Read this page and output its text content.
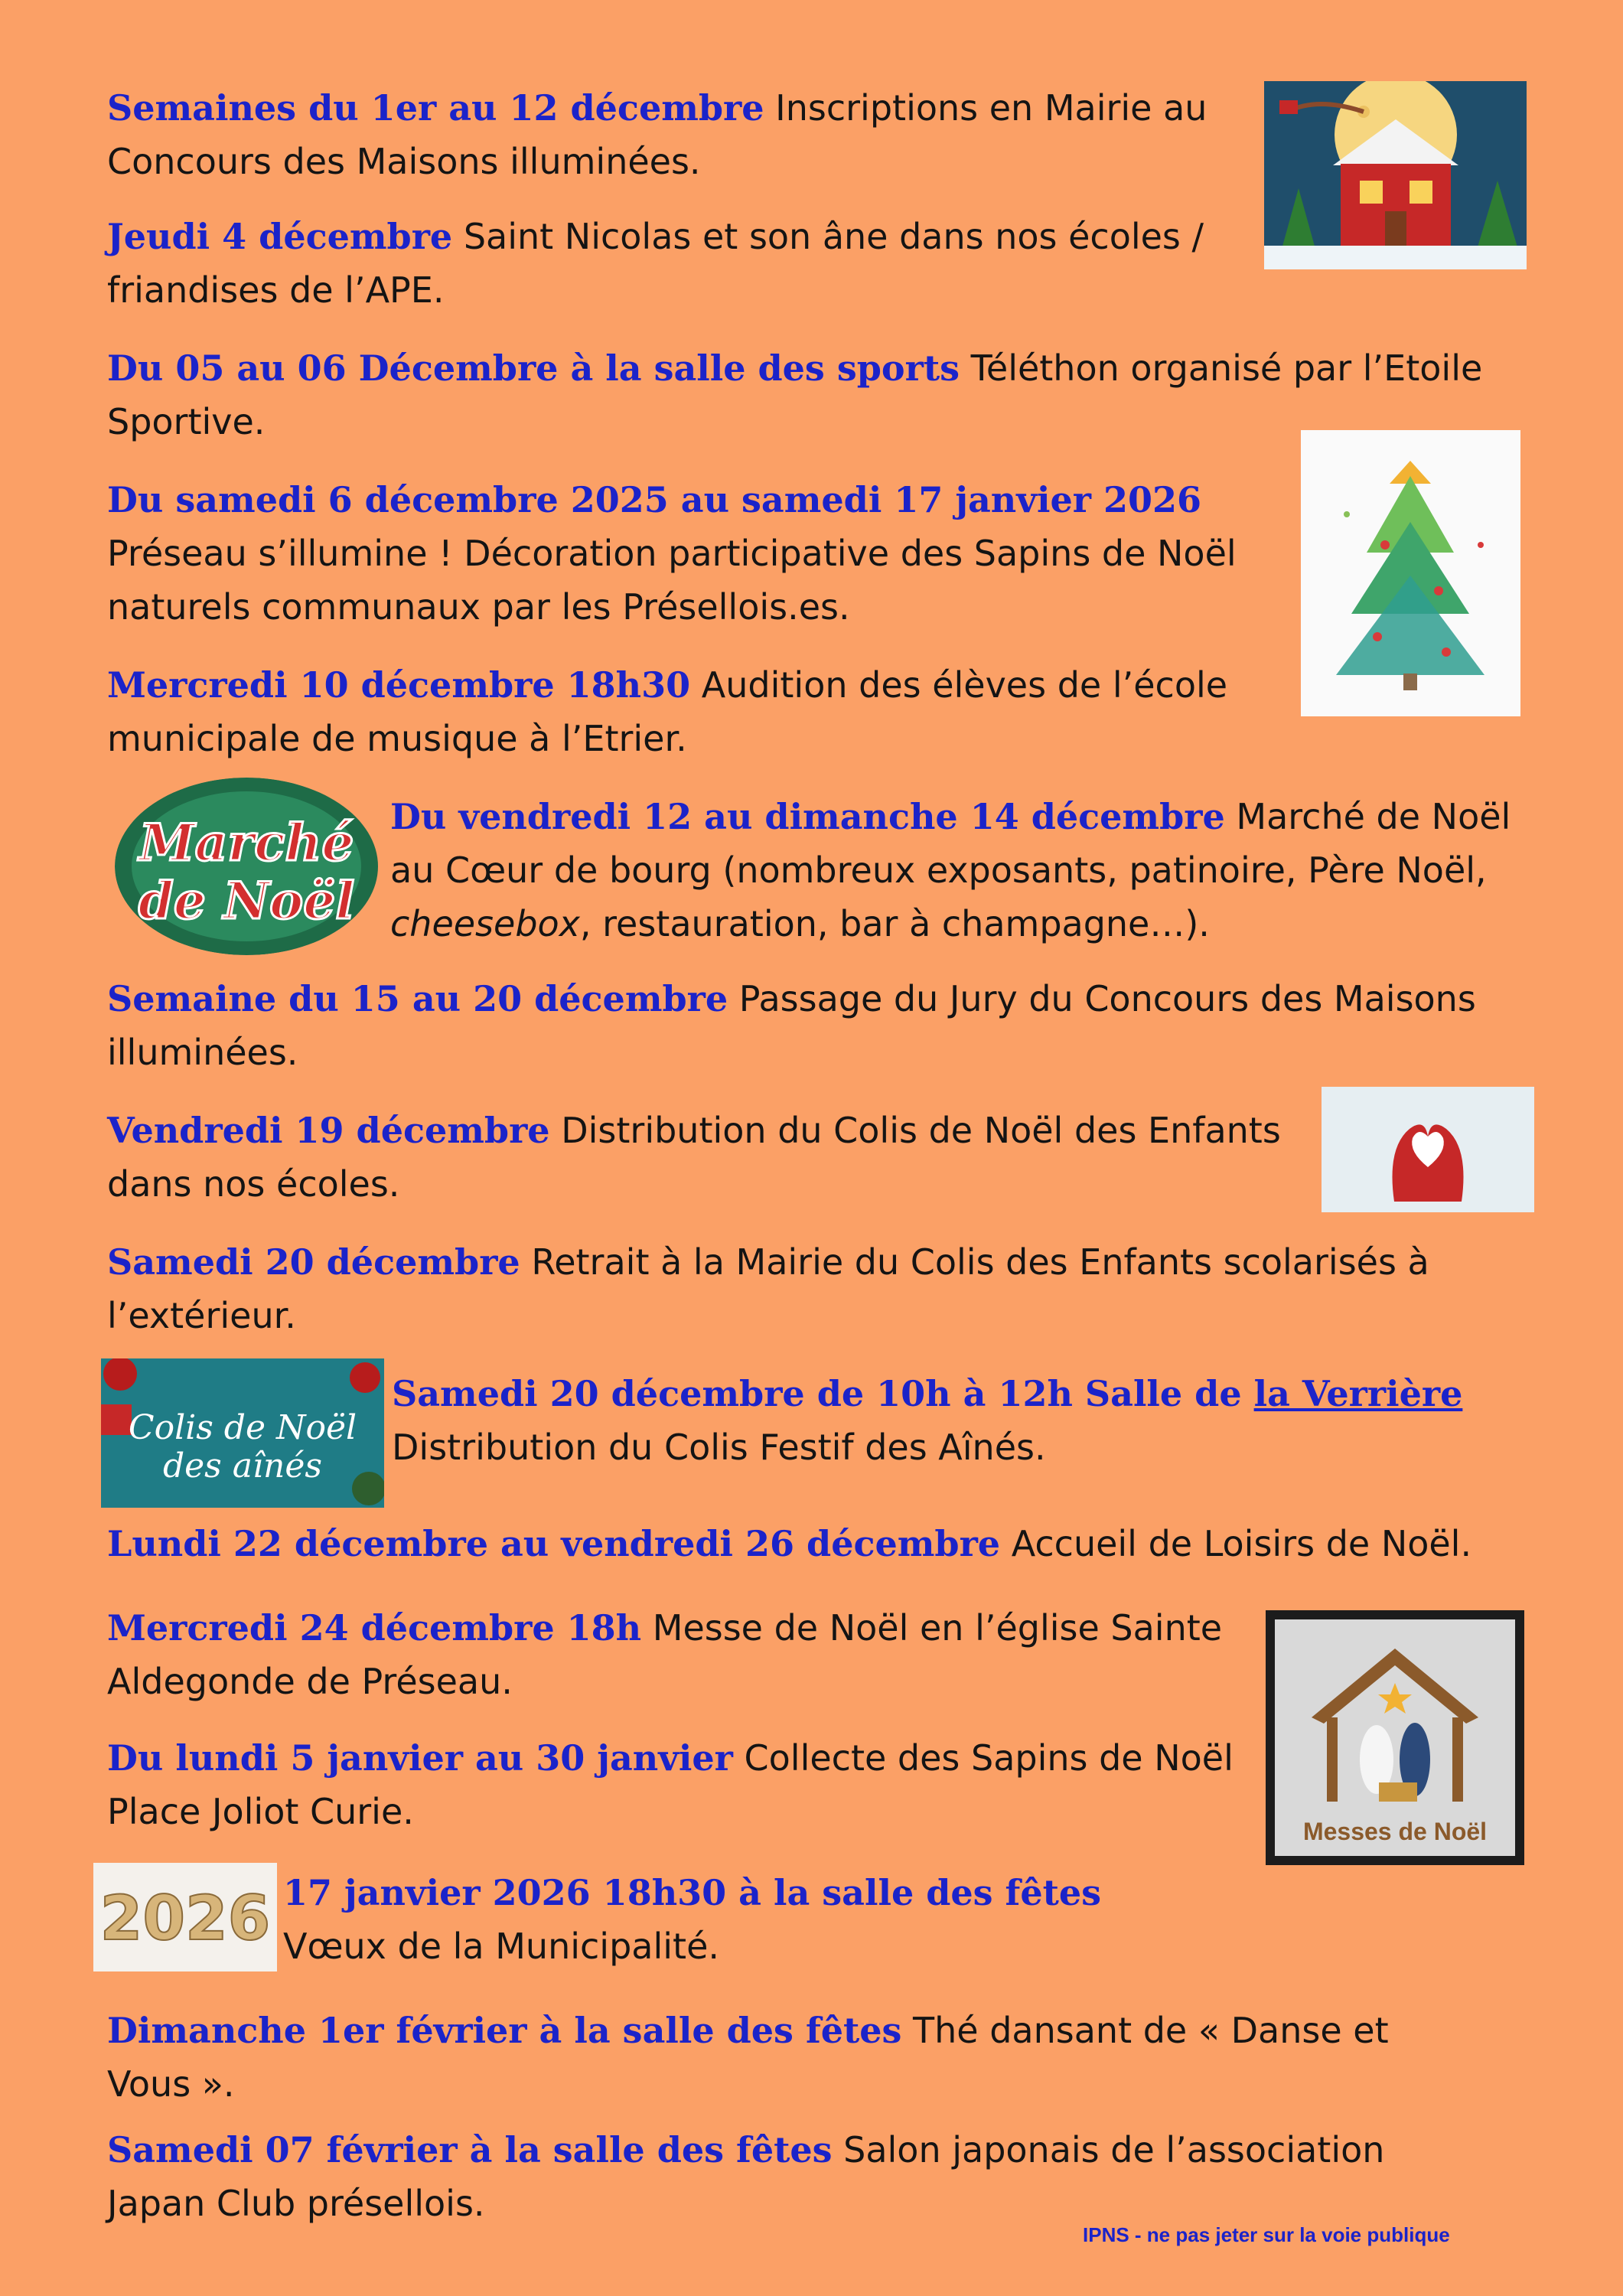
Semaines du 1er au 12 décembre Inscriptions en Mairie au Concours des Maisons illuminées.

Jeudi 4 décembre Saint Nicolas et son âne dans nos écoles / friandises de l’APE.

Du 05 au 06 Décembre à la salle des sports Téléthon organisé par l’Etoile Sportive.

Du samedi 6 décembre 2025 au samedi 17 janvier 2026
Préseau s’illumine ! Décoration participative des Sapins de Noël naturels communaux par les Présellois.es.

Mercredi 10 décembre 18h30 Audition des élèves de l’école municipale de musique à l’Etrier.

Du vendredi 12 au dimanche 14 décembre Marché de Noël au Cœur de bourg (nombreux exposants, patinoire, Père Noël, cheesebox, restauration, bar à champagne…).

Semaine du 15 au 20 décembre Passage du Jury du Concours des Maisons illuminées.

Vendredi 19 décembre Distribution du Colis de Noël des Enfants dans nos écoles.

Samedi 20 décembre Retrait à la Mairie du Colis des Enfants scolarisés à l’extérieur.

Samedi 20 décembre de 10h à 12h Salle de la Verrière
Distribution du Colis Festif des Aînés.

Lundi 22 décembre au vendredi 26 décembre Accueil de Loisirs de Noël.

Mercredi 24 décembre 18h Messe de Noël en l’église Sainte Aldegonde de Préseau.

Du lundi 5 janvier au 30 janvier Collecte des Sapins de Noël Place Joliot Curie.

17 janvier 2026 18h30 à la salle des fêtes
Vœux de la Municipalité.

Dimanche 1er février à la salle des fêtes Thé dansant de « Danse et Vous ».

Samedi 07 février à la salle des fêtes Salon japonais de l’association Japan Club présellois.

Marché
de Noël
Colis de Noël
des aînés
Messes de Noël
2026
IPNS - ne pas jeter sur la voie publique
